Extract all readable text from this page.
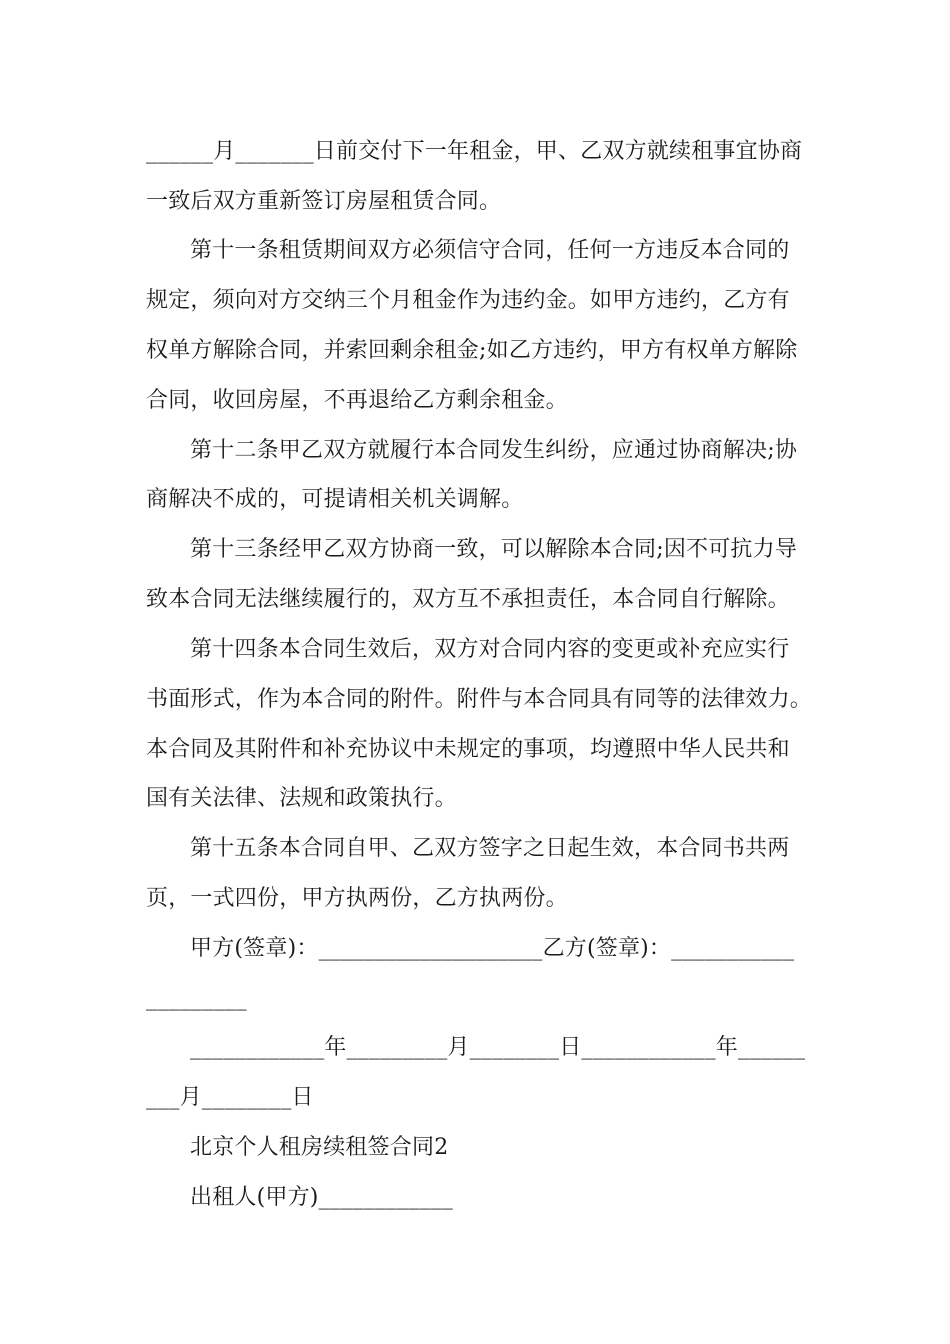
______月_______日前交付下一年租金，甲、乙双方就续租事宜协商
一致后双方重新签订房屋租赁合同。
第十一条租赁期间双方必须信守合同，任何一方违反本合同的
规定，须向对方交纳三个月租金作为违约金。如甲方违约，乙方有
权单方解除合同，并索回剩余租金;如乙方违约，甲方有权单方解除
合同，收回房屋，不再退给乙方剩余租金。
第十二条甲乙双方就履行本合同发生纠纷，应通过协商解决;协
商解决不成的，可提请相关机关调解。
第十三条经甲乙双方协商一致，可以解除本合同;因不可抗力导
致本合同无法继续履行的，双方互不承担责任，本合同自行解除。
第十四条本合同生效后，双方对合同内容的变更或补充应实行
书面形式，作为本合同的附件。附件与本合同具有同等的法律效力。
本合同及其附件和补充协议中未规定的事项，均遵照中华人民共和
国有关法律、法规和政策执行。
第十五条本合同自甲、乙双方签字之日起生效，本合同书共两
页，一式四份，甲方执两份，乙方执两份。
甲方(签章)：____________________乙方(签章)：___________
_________
____________年_________月________日____________年______
___月________日
北京个人租房续租签合同2
出租人(甲方)____________
